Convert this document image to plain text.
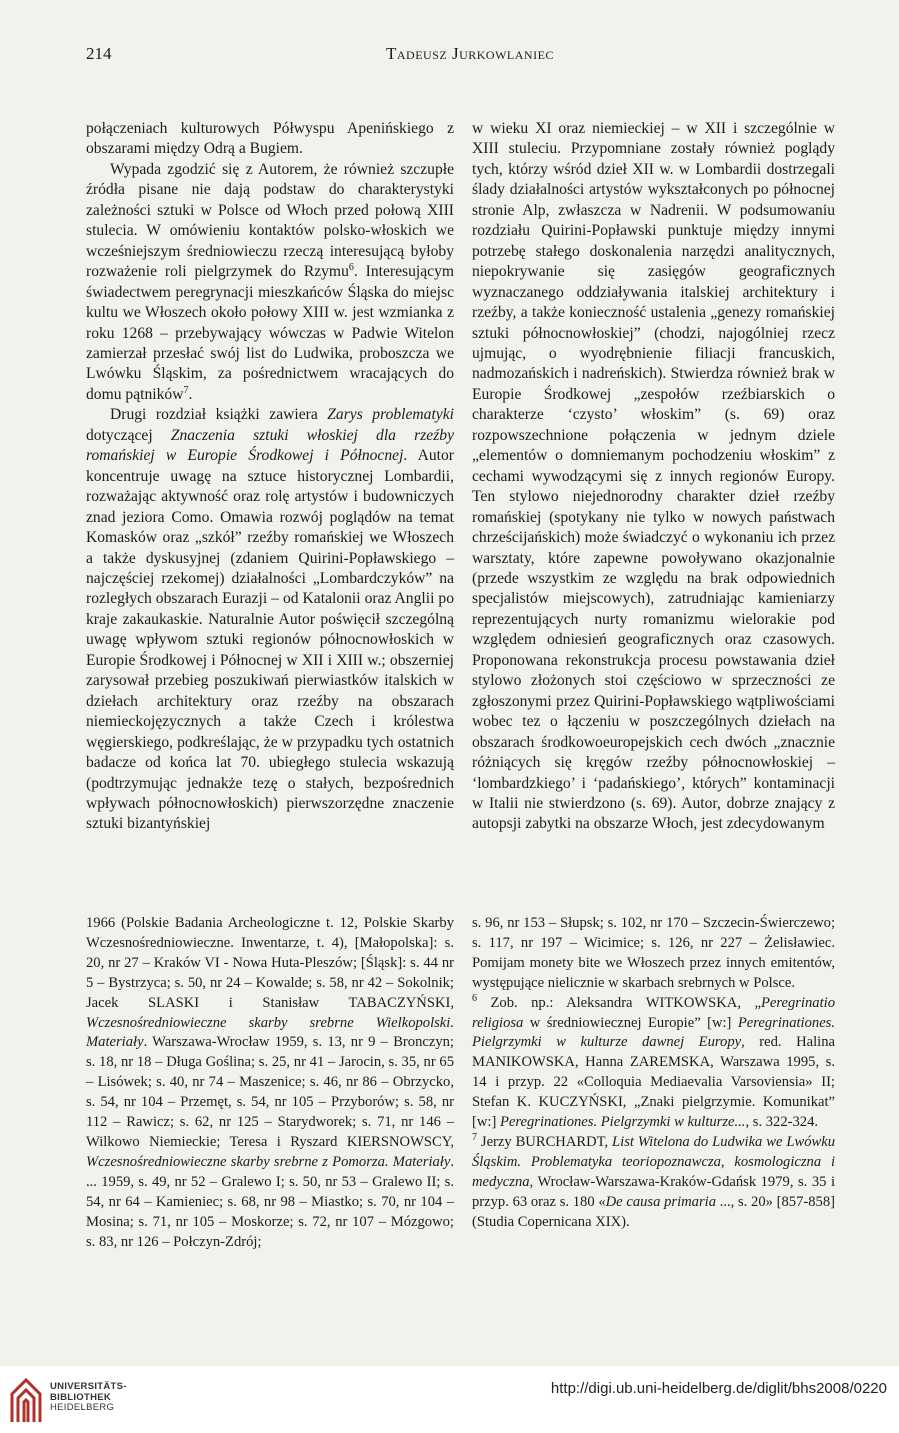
214	Tadeusz Jurkowlaniec

połączeniach kulturowych Półwyspu Apenińskiego z obszarami między Odrą a Bugiem.

Wypada zgodzić się z Autorem, że również szczupłe źródła pisane nie dają podstaw do charakterystyki zależności sztuki w Polsce od Włoch przed połową XIII stulecia. W omówieniu kontaktów polsko-włoskich we wcześniejszym średniowieczu rzeczą interesującą byłoby rozważenie roli pielgrzymek do Rzymu$^6$. Interesującym świadectwem peregrynacji mieszkańców Śląska do miejsc kultu we Włoszech około połowy XIII w. jest wzmianka z roku 1268 – przebywający wówczas w Padwie Witelon zamierzał przesłać swój list do Ludwika, proboszcza we Lwówku Śląskim, za pośrednictwem wracających do domu pątników$^7$.

Drugi rozdział książki zawiera Zarys problematyki dotyczącej Znaczenia sztuki włoskiej dla rzeźby romańskiej w Europie Środkowej i Północnej. Autor koncentruje uwagę na sztuce historycznej Lombardii, rozważając aktywność oraz rolę artystów i budowniczych znad jeziora Como. Omawia rozwój poglądów na temat Komasków oraz „szkół” rzeźby romańskiej we Włoszech a także dyskusyjnej (zdaniem Quirini-Popławskiego – najczęściej rzekomej) działalności „Lombardczyków” na rozległych obszarach Eurazji – od Katalonii oraz Anglii po kraje zakaukaskie. Naturalnie Autor poświęcił szczególną uwagę wpływom sztuki regionów północnowłoskich w Europie Środkowej i Północnej w XII i XIII w.; obszerniej zarysował przebieg poszukiwań pierwiastków italskich w dziełach architektury oraz rzeźby na obszarach niemieckojęzycznych a także Czech i królestwa węgierskiego, podkreślając, że w przypadku tych ostatnich badacze od końca lat 70. ubiegłego stulecia wskazują (podtrzymując jednakże tezę o stałych, bezpośrednich wpływach północnowłoskich) pierwszorzędne znaczenie sztuki bizantyńskiej

w wieku XI oraz niemieckiej – w XII i szczególnie w XIII stuleciu. Przypomniane zostały również poglądy tych, którzy wśród dzieł XII w. w Lombardii dostrzegali ślady działalności artystów wykształconych po północnej stronie Alp, zwłaszcza w Nadrenii. W podsumowaniu rozdziału Quirini-Popławski punktuje między innymi potrzebę stałego doskonalenia narzędzi analitycznych, niepokrywanie się zasięgów geograficznych wyznaczanego oddziaływania italskiej architektury i rzeźby, a także konieczność ustalenia „genezy romańskiej sztuki północnowłoskiej” (chodzi, najogólniej rzecz ujmując, o wyodrębnienie filiacji francuskich, nadmozańskich i nadreńskich). Stwierdza również brak w Europie Środkowej „zespołów rzeźbiarskich o charakterze ‘czysto’ włoskim” (s. 69) oraz rozpowszechnione połączenia w jednym dziele „elementów o domniemanym pochodzeniu włoskim” z cechami wywodzącymi się z innych regionów Europy. Ten stylowo niejednorodny charakter dzieł rzeźby romańskiej (spotykany nie tylko w nowych państwach chrześcijańskich) może świadczyć o wykonaniu ich przez warsztaty, które zapewne powoływano okazjonalnie (przede wszystkim ze względu na brak odpowiednich specjalistów miejscowych), zatrudniając kamieniarzy reprezentujących nurty romanizmu wielorakie pod względem odniesień geograficznych oraz czasowych. Proponowana rekonstrukcja procesu powstawania dzieł stylowo złożonych stoi częściowo w sprzeczności ze zgłoszonymi przez Quirini-Popławskiego wątpliwościami wobec tez o łączeniu w poszczególnych dziełach na obszarach środkowoeuropejskich cech dwóch „znacznie różniących się kręgów rzeźby północnowłoskiej – ‘lombardzkiego’ i ‘padańskiego’, których” kontaminacji w Italii nie stwierdzono (s. 69). Autor, dobrze znający z autopsji zabytki na obszarze Włoch, jest zdecydowanym

1966 (Polskie Badania Archeologiczne t. 12, Polskie Skarby Wczesnośredniowieczne. Inwentarze, t. 4), [Małopolska]: s. 20, nr 27 – Kraków VI - Nowa Huta-Pleszów; [Śląsk]: s. 44 nr 5 – Bystrzyca; s. 50, nr 24 – Kowalde; s. 58, nr 42 – Sokolnik; Jacek SLASKI i Stanisław TABACZYŃSKI, Wczesnośredniowieczne skarby srebrne Wielkopolski. Materiały. Warszawa-Wrocław 1959, s. 13, nr 9 – Bronczyn; s. 18, nr 18 – Długa Goślina; s. 25, nr 41 – Jarocin, s. 35, nr 65 – Lisówek; s. 40, nr 74 – Maszenice; s. 46, nr 86 – Obrzycko, s. 54, nr 104 – Przemęt, s. 54, nr 105 – Przyborów; s. 58, nr 112 – Rawicz; s. 62, nr 125 – Starydworek; s. 71, nr 146 – Wilkowo Niemieckie; Teresa i Ryszard KIERSNOWSCY, Wczesnośredniowieczne skarby srebrne z Pomorza. Materiały. ... 1959, s. 49, nr 52 – Gralewo I; s. 50, nr 53 – Gralewo II; s. 54, nr 64 – Kamieniec; s. 68, nr 98 – Miastko; s. 70, nr 104 – Mosina; s. 71, nr 105 – Moskorze; s. 72, nr 107 – Mózgowo; s. 83, nr 126 – Połczyn-Zdrój;

s. 96, nr 153 – Słupsk; s. 102, nr 170 – Szczecin-Świerczewo; s. 117, nr 197 – Wicimice; s. 126, nr 227 – Żelisławiec. Pomijam monety bite we Włoszech przez innych emitentów, występujące nielicznie w skarbach srebrnych w Polsce.

$^6$ Zob. np.: Aleksandra WITKOWSKA, „Peregrinatio religiosa w średniowiecznej Europie” [w:] Peregrinationes. Pielgrzymki w kulturze dawnej Europy, red. Halina MANIKOWSKA, Hanna ZAREMSKA, Warszawa 1995, s. 14 i przyp. 22 «Colloquia Mediaevalia Varsoviensia» II; Stefan K. KUCZYŃSKI, „Znaki pielgrzymie. Komunikat” [w:] Peregrinationes. Pielgrzymki w kulturze..., s. 322-324.

$^7$ Jerzy BURCHARDT, List Witelona do Ludwika we Lwówku Śląskim. Problematyka teoriopoznawcza, kosmologiczna i medyczna, Wrocław-Warszawa-Kraków-Gdańsk 1979, s. 35 i przyp. 63 oraz s. 180 «De causa primaria ..., s. 20» [857-858] (Studia Copernicana XIX).

UNIVERSITÄTS-
BIBLIOTHEK
HEIDELBERG
http://digi.ub.uni-heidelberg.de/diglit/bhs2008/0220
